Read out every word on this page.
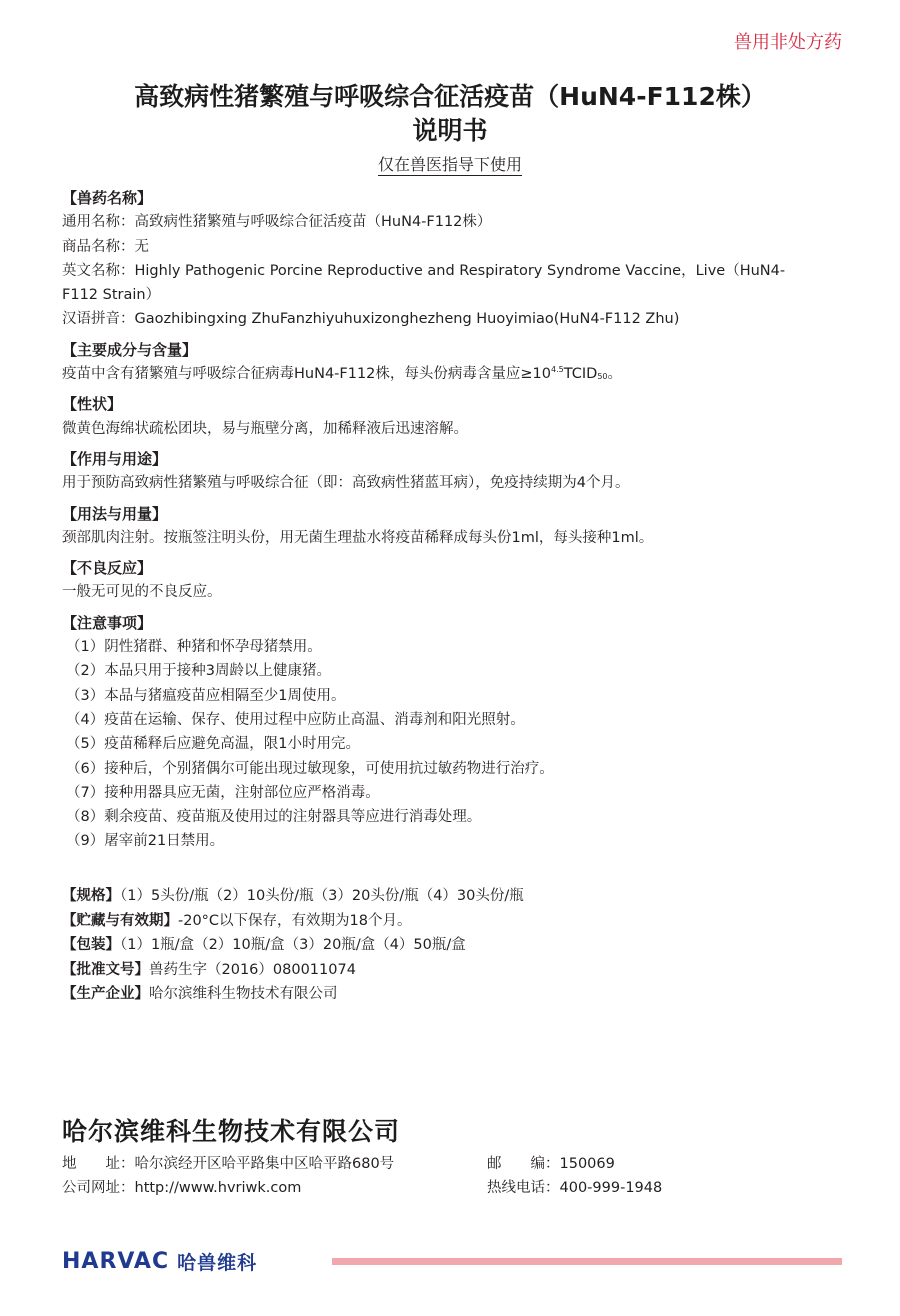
兽用非处方药
高致病性猪繁殖与呼吸综合征活疫苗（HuN4-F112株）
说明书
仅在兽医指导下使用
【兽药名称】
通用名称：高致病性猪繁殖与呼吸综合征活疫苗（HuN4-F112株）
商品名称：无
英文名称：Highly Pathogenic Porcine Reproductive and Respiratory Syndrome Vaccine，Live（HuN4-
F112 Strain）
汉语拼音：Gaozhibingxing ZhuFanzhiyuhuxizonghezheng Huoyimiao(HuN4-F112 Zhu)
【主要成分与含量】
疫苗中含有猪繁殖与呼吸综合征病毒HuN4-F112株，每头份病毒含量应$\ge 10^{4.5}TCID_{50}$。
【性状】
微黄色海绵状疏松团块，易与瓶壁分离，加稀释液后迅速溶解。
【作用与用途】
用于预防高致病性猪繁殖与呼吸综合征（即：高致病性猪蓝耳病），免疫持续期为4个月。
【用法与用量】
颈部肌肉注射。按瓶签注明头份，用无菌生理盐水将疫苗稀释成每头份1ml，每头接种1ml。
【不良反应】
一般无可见的不良反应。
【注意事项】
（1）阴性猪群、种猪和怀孕母猪禁用。
（2）本品只用于接种3周龄以上健康猪。
（3）本品与猪瘟疫苗应相隔至少1周使用。
（4）疫苗在运输、保存、使用过程中应防止高温、消毒剂和阳光照射。
（5）疫苗稀释后应避免高温，限1小时用完。
（6）接种后，个别猪偶尔可能出现过敏现象，可使用抗过敏药物进行治疗。
（7）接种用器具应无菌，注射部位应严格消毒。
（8）剩余疫苗、疫苗瓶及使用过的注射器具等应进行消毒处理。
（9）屠宰前21日禁用。
【规格】（1）5头份/瓶（2）10头份/瓶（3）20头份/瓶（4）30头份/瓶
【贮藏与有效期】-20°C以下保存，有效期为18个月。
【包装】（1）1瓶/盒（2）10瓶/盒（3）20瓶/盒（4）50瓶/盒
【批准文号】兽药生字（2016）080011074
【生产企业】哈尔滨维科生物技术有限公司
哈尔滨维科生物技术有限公司
地　　址：哈尔滨经开区哈平路集中区哈平路680号
公司网址：http://www.hvriwk.com
邮　　编：150069
热线电话：400-999-1948
HARVAC 哈兽维科
